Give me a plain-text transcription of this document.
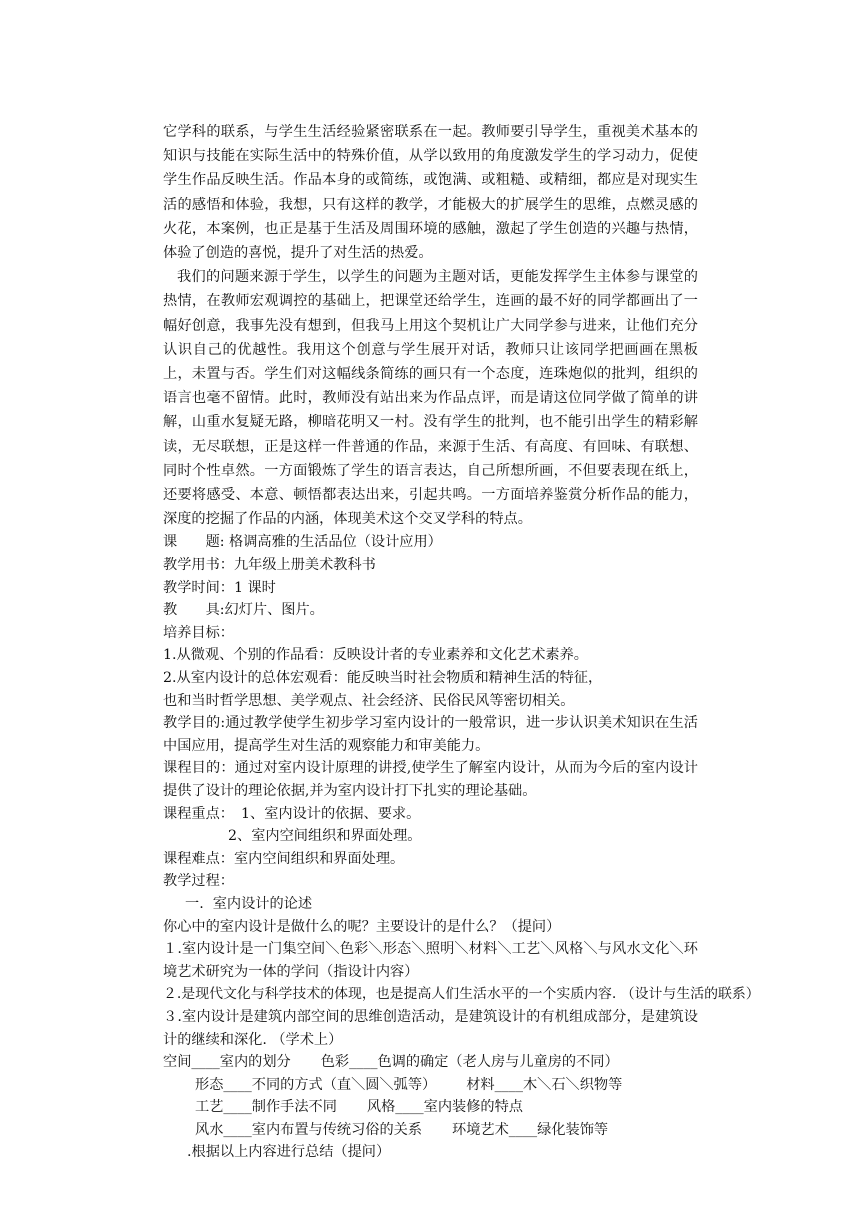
它学科的联系，与学生生活经验紧密联系在一起。教师要引导学生，重视美术基本的知识与技能在实际生活中的特殊价值，从学以致用的角度激发学生的学习动力，促使学生作品反映生活。作品本身的或简练，或饱满、或粗糙、或精细，都应是对现实生活的感悟和体验，我想，只有这样的教学，才能极大的扩展学生的思维，点燃灵感的火花，本案例，也正是基于生活及周围环境的感触，激起了学生创造的兴趣与热情，体验了创造的喜悦，提升了对生活的热爱。

我们的问题来源于学生，以学生的问题为主题对话，更能发挥学生主体参与课堂的热情，在教师宏观调控的基础上，把课堂还给学生，连画的最不好的同学都画出了一幅好创意，我事先没有想到，但我马上用这个契机让广大同学参与进来，让他们充分认识自己的优越性。我用这个创意与学生展开对话，教师只让该同学把画画在黑板上，未置与否。学生们对这幅线条简练的画只有一个态度，连珠炮似的批判，组织的语言也毫不留情。此时，教师没有站出来为作品点评，而是请这位同学做了简单的讲解，山重水复疑无路，柳暗花明又一村。没有学生的批判，也不能引出学生的精彩解读，无尽联想，正是这样一件普通的作品，来源于生活、有高度、有回味、有联想、同时个性卓然。一方面锻炼了学生的语言表达，自己所想所画，不但要表现在纸上，还要将感受、本意、顿悟都表达出来，引起共鸣。一方面培养鉴赏分析作品的能力，深度的挖掘了作品的内涵，体现美术这个交叉学科的特点。

课　　题: 格调高雅的生活品位（设计应用）

教学用书：九年级上册美术教科书

教学时间：1 课时

教　　具:幻灯片、图片。

培养目标：

1.从微观、个别的作品看：反映设计者的专业素养和文化艺术素养。

2.从室内设计的总体宏观看：能反映当时社会物质和精神生活的特征，

也和当时哲学思想、美学观点、社会经济、民俗民风等密切相关。

教学目的:通过教学使学生初步学习室内设计的一般常识，进一步认识美术知识在生活中国应用，提高学生对生活的观察能力和审美能力。

课程目的：通过对室内设计原理的讲授,使学生了解室内设计，从而为今后的室内设计提供了设计的理论依据,并为室内设计打下扎实的理论基础。

课程重点：　1、室内设计的依据、要求。

2、室内空间组织和界面处理。

课程难点：室内空间组织和界面处理。

教学过程：

一.  室内设计的论述

你心中的室内设计是做什么的呢？主要设计的是什么？（提问）

１.室内设计是一门集空间＼色彩＼形态＼照明＼材料＼工艺＼风格＼与风水文化＼环境艺术研究为一体的学问（指设计内容）

２.是现代文化与科学技术的体现，也是提高人们生活水平的一个实质内容. （设计与生活的联系）

３.室内设计是建筑内部空间的思维创造活动，是建筑设计的有机组成部分，是建筑设计的继续和深化. （学术上）

空间____室内的划分 色彩____色调的确定（老人房与儿童房的不同）
形态____不同的方式（直＼圆＼弧等） 材料____木＼石＼织物等
工艺____制作手法不同 风格____室内装修的特点
风水____室内布置与传统习俗的关系 环境艺术____绿化装饰等

.根据以上内容进行总结（提问）
